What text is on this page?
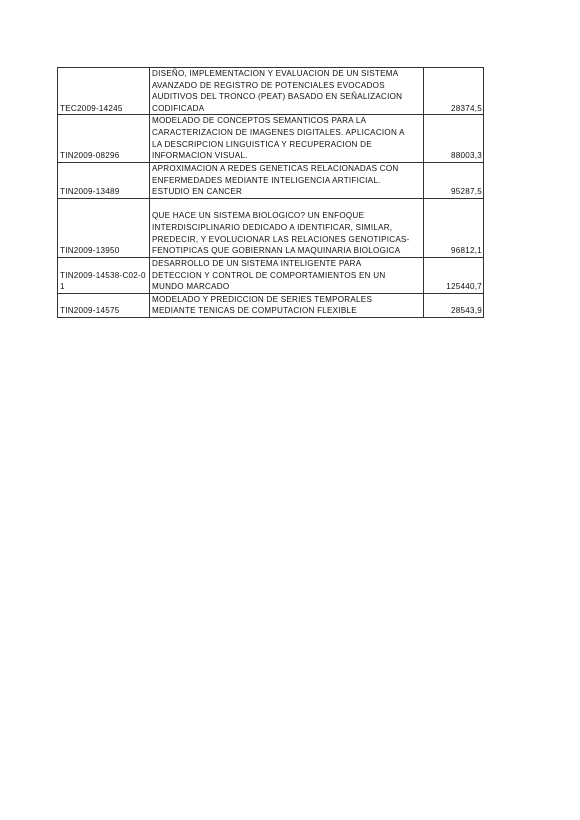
TEC2009-14245	DISEÑO, IMPLEMENTACION Y EVALUACION DE UN SISTEMA
AVANZADO DE REGISTRO DE POTENCIALES EVOCADOS
AUDITIVOS DEL TRONCO (PEAT) BASADO EN SEÑALIZACION
CODIFICADA	28374,5
TIN2009-08296	MODELADO DE CONCEPTOS SEMANTICOS PARA LA
CARACTERIZACION DE IMAGENES DIGITALES. APLICACION A
LA DESCRIPCION LINGUISTICA Y RECUPERACION DE
INFORMACION VISUAL.	88003,3
TIN2009-13489	APROXIMACION A REDES GENETICAS RELACIONADAS CON
ENFERMEDADES MEDIANTE INTELIGENCIA ARTIFICIAL.
ESTUDIO EN CANCER	95287,5
TIN2009-13950	QUE HACE UN SISTEMA BIOLOGICO? UN ENFOQUE
INTERDISCIPLINARIO DEDICADO A IDENTIFICAR, SIMILAR,
PREDECIR, Y EVOLUCIONAR LAS RELACIONES GENOTIPICAS-
FENOTIPICAS QUE GOBIERNAN LA MAQUINARIA BIOLOGICA	96812,1
TIN2009-14538-C02-01	DESARROLLO DE UN SISTEMA INTELIGENTE PARA
DETECCION Y CONTROL DE COMPORTAMIENTOS EN UN
MUNDO MARCADO	125440,7
TIN2009-14575	MODELADO Y PREDICCION DE SERIES TEMPORALES
MEDIANTE TENICAS DE COMPUTACION FLEXIBLE	28543,9
